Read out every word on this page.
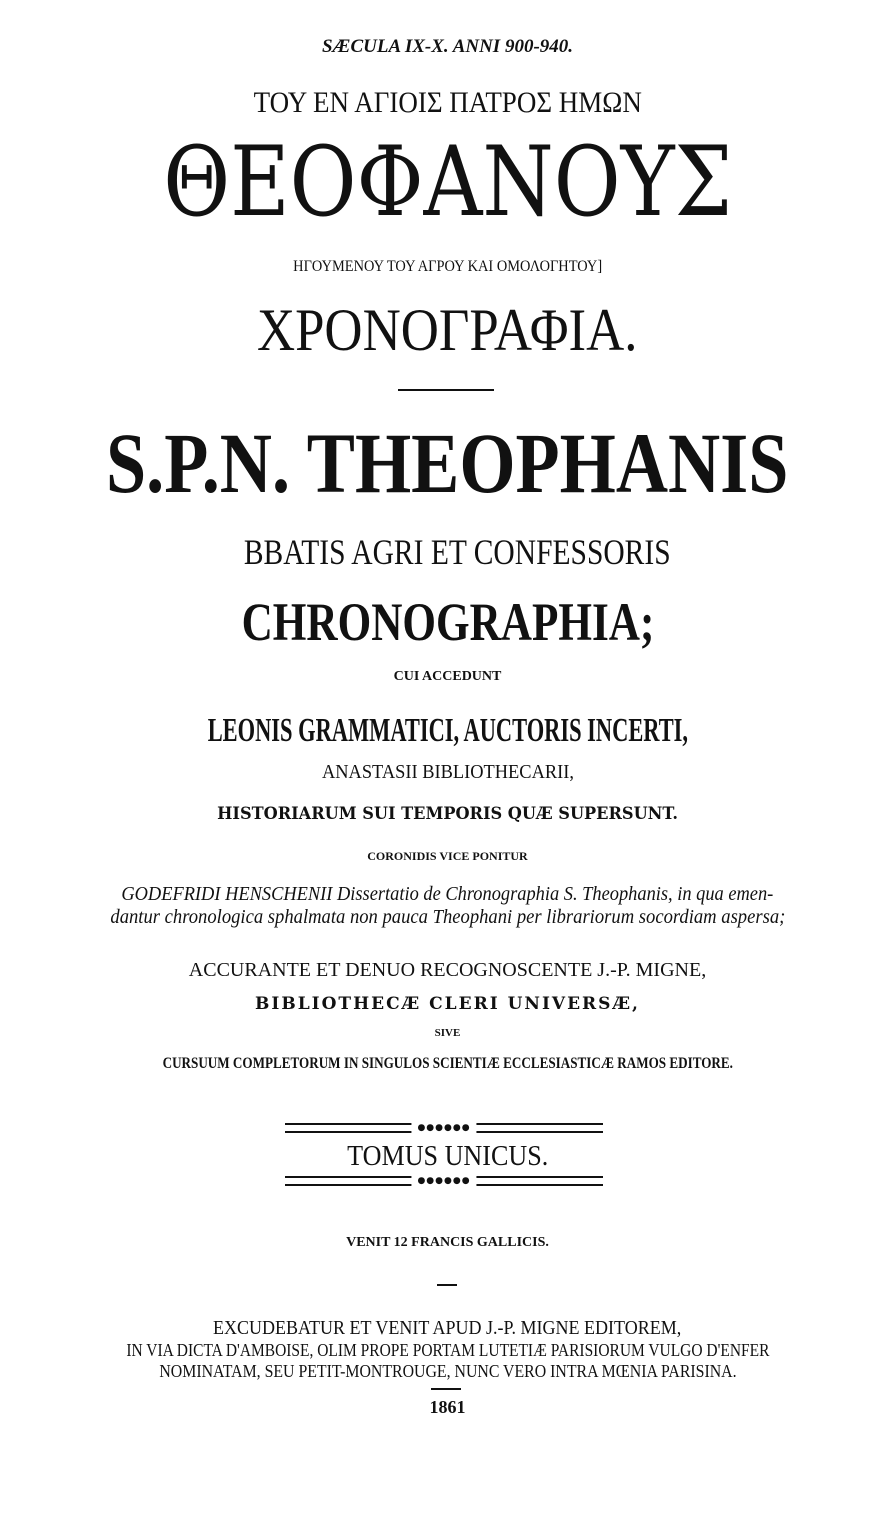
SÆCULA IX-X. ANNI 900-940.
ΤΟΥ ΕΝ ΑΓΙΟΙΣ ΠΑΤΡΟΣ ΗΜΩΝ
ΘΕΟΦΑΝΟΥΣ
ΗΓΟΥΜΕΝΟΥ ΤΟΥ ΑΓΡΟΥ ΚΑΙ ΟΜΟΛΟΓΗΤΟΥ]
ΧΡΟΝΟΓΡΑΦΙΑ.
S.P.N. THEOPHANIS
BBATIS AGRI ET CONFESSORIS
CHRONOGRAPHIA;
CUI ACCEDUNT
LEONIS GRAMMATICI, AUCTORIS INCERTI,
ANASTASII BIBLIOTHECARII,
HISTORIARUM SUI TEMPORIS QUÆ SUPERSUNT.
CORONIDIS VICE PONITUR
GODEFRIDI HENSCHENII Dissertatio de Chronographia S. Theophanis, in qua emen-
dantur chronologica sphalmata non pauca Theophani per librariorum socordiam aspersa;
ACCURANTE ET DENUO RECOGNOSCENTE J.-P. MIGNE,
BIBLIOTHECÆ CLERI UNIVERSÆ,
SIVE
CURSUUM COMPLETORUM IN SINGULOS SCIENTIÆ ECCLESIASTICÆ RAMOS EDITORE.
●●●●●●
TOMUS UNICUS.
●●●●●●
VENIT 12 FRANCIS GALLICIS.
EXCUDEBATUR ET VENIT APUD J.-P. MIGNE EDITOREM,
IN VIA DICTA D'AMBOISE, OLIM PROPE PORTAM LUTETIÆ PARISIORUM VULGO D'ENFER
NOMINATAM, SEU PETIT-MONTROUGE, NUNC VERO INTRA MŒNIA PARISINA.
1861
